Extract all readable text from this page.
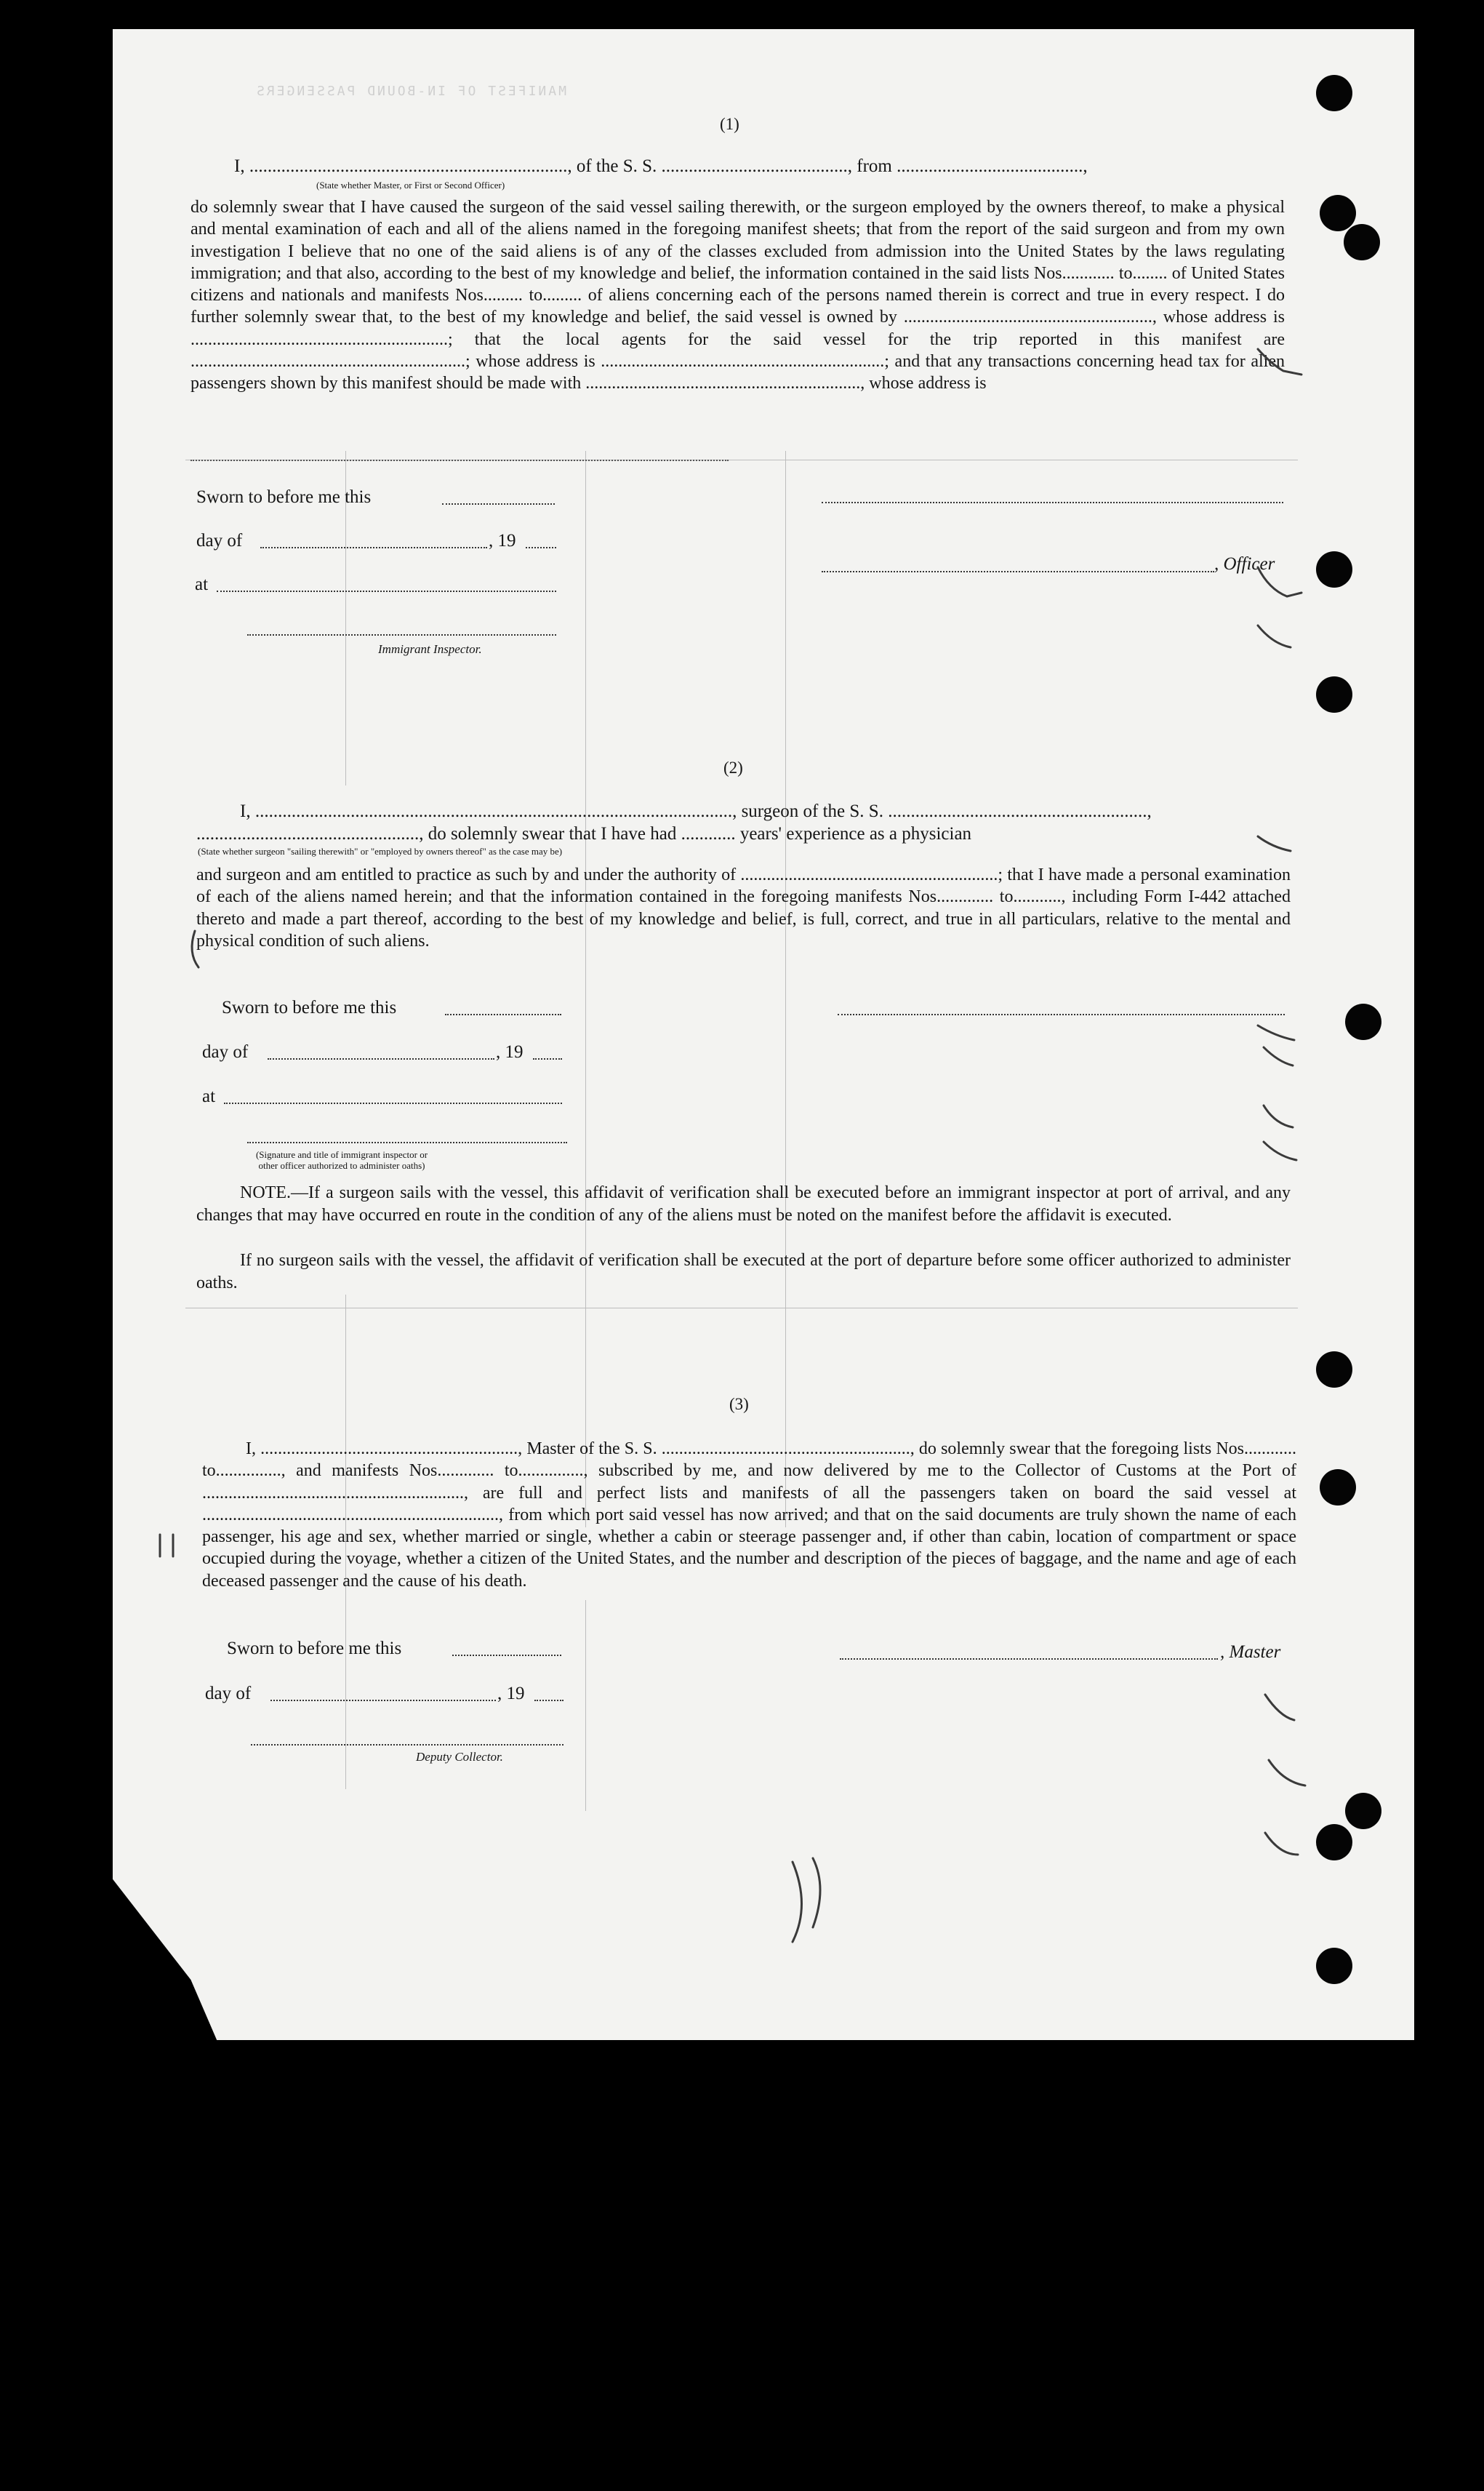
MANIFEST OF IN-BOUND PASSENGERS
(1)
I, ......................................................................, of the S. S. ........................................., from .........................................,
(State whether Master, or First or Second Officer)
do solemnly swear that I have caused the surgeon of the said vessel sailing therewith, or the surgeon employed by the owners thereof, to make a physical and mental examination of each and all of the aliens named in the foregoing manifest sheets; that from the report of the said surgeon and from my own investigation I believe that no one of the said aliens is of any of the classes excluded from admission into the United States by the laws regulating immigration; and that also, according to the best of my knowledge and belief, the information contained in the said lists Nos............ to........ of United States citizens and nationals and manifests Nos......... to......... of aliens concerning each of the persons named therein is correct and true in every respect. I do further solemnly swear that, to the best of my knowledge and belief, the said vessel is owned by ........................................................., whose address is ...........................................................; that the local agents for the said vessel for the trip reported in this manifest are ...............................................................; whose address is .................................................................; and that any transactions concerning head tax for alien passengers shown by this manifest should be made with ..............................................................., whose address is
Sworn to before me this
day of	, 19
at
Immigrant Inspector.
, Officer
(2)
I, ........................................................................................................., surgeon of the S. S. .........................................................,
................................................., do solemnly swear that I have had ............ years' experience as a physician
(State whether surgeon "sailing therewith" or "employed by owners thereof" as the case may be)
and surgeon and am entitled to practice as such by and under the authority of ...........................................................; that I have made a personal examination of each of the aliens named herein; and that the information contained in the foregoing manifests Nos............. to..........., including Form I-442 attached thereto and made a part thereof, according to the best of my knowledge and belief, is full, correct, and true in all particulars, relative to the mental and physical condition of such aliens.
Sworn to before me this
day of	, 19
at
(Signature and title of immigrant inspector or other officer authorized to administer oaths)
NOTE.—If a surgeon sails with the vessel, this affidavit of verification shall be executed before an immigrant inspector at port of arrival, and any changes that may have occurred en route in the condition of any of the aliens must be noted on the manifest before the affidavit is executed.
If no surgeon sails with the vessel, the affidavit of verification shall be executed at the port of departure before some officer authorized to administer oaths.
(3)
I, ..........................................................., Master of the S. S. ........................................................., do solemnly swear that the foregoing lists Nos............ to..............., and manifests Nos............. to..............., subscribed by me, and now delivered by me to the Collector of Customs at the Port of ............................................................, are full and perfect lists and manifests of all the passengers taken on board the said vessel at ...................................................................., from which port said vessel has now arrived; and that on the said documents are truly shown the name of each passenger, his age and sex, whether married or single, whether a cabin or steerage passenger and, if other than cabin, location of compartment or space occupied during the voyage, whether a citizen of the United States, and the number and description of the pieces of baggage, and the name and age of each deceased passenger and the cause of his death.
Sworn to before me this	, Master
day of	, 19
Deputy Collector.
